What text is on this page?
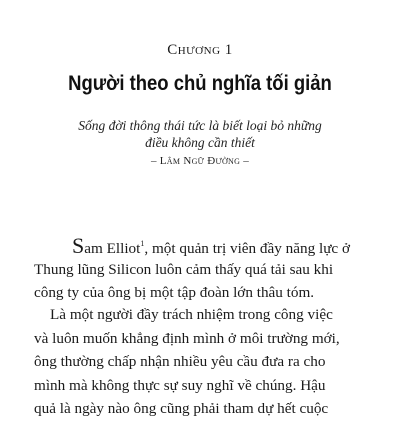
Chương 1
Người theo chủ nghĩa tối giản
Sống đời thông thái tức là biết loại bỏ những
điều không cần thiết
– Lâm Ngữ Đường –
Sam Elliot$^1$, một quản trị viên đầy năng lực ở
Thung lũng Silicon luôn cảm thấy quá tải sau khi
công ty của ông bị một tập đoàn lớn thâu tóm.
Là một người đầy trách nhiệm trong công việc
và luôn muốn khẳng định mình ở môi trường mới,
ông thường chấp nhận nhiều yêu cầu đưa ra cho
mình mà không thực sự suy nghĩ về chúng. Hậu
quả là ngày nào ông cũng phải tham dự hết cuộc
